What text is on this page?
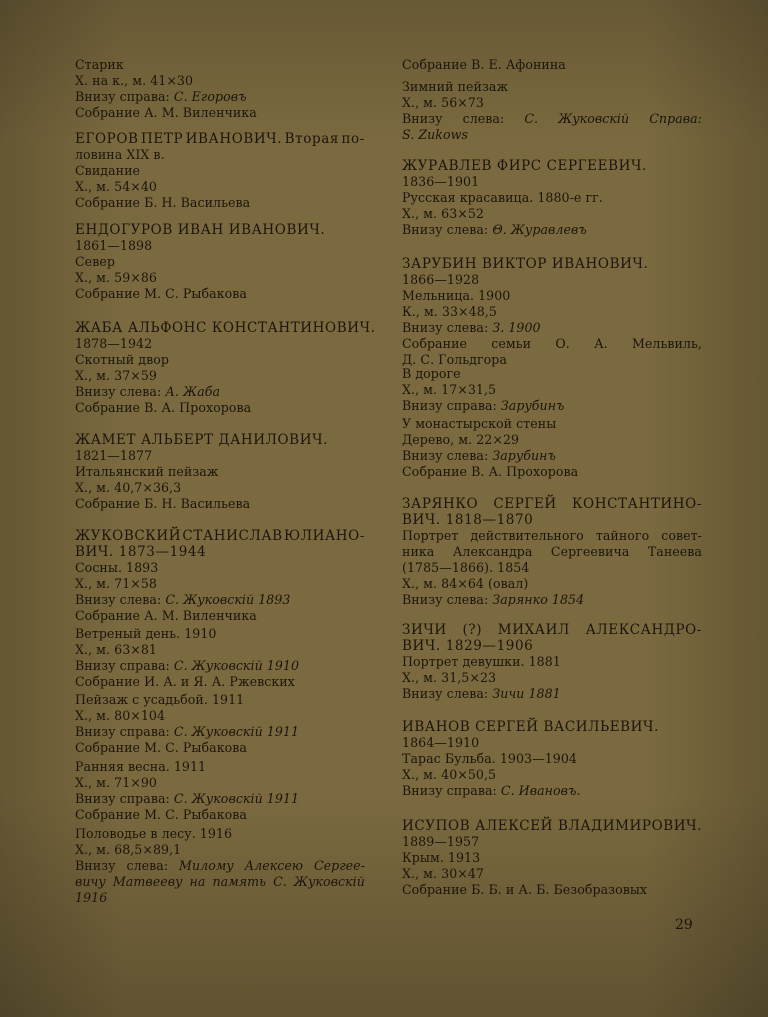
Старик
Х. на к., м. 41×30
Внизу справа: С. Егоровъ
Собрание А. М. Виленчика
ЕГОРОВ ПЕТР ИВАНОВИЧ. Вторая по-
ловина XIX в.
Свидание
Х., м. 54×40
Собрание Б. Н. Васильева
ЕНДОГУРОВ ИВАН ИВАНОВИЧ.
1861—1898
Север
Х., м. 59×86
Собрание М. С. Рыбакова
ЖАБА АЛЬФОНС КОНСТАНТИНОВИЧ.
1878—1942
Скотный двор
Х., м. 37×59
Внизу слева: А. Жаба
Собрание В. А. Прохорова
ЖАМЕТ АЛЬБЕРТ ДАНИЛОВИЧ.
1821—1877
Итальянский пейзаж
Х., м. 40,7×36,3
Собрание Б. Н. Васильева
ЖУКОВСКИЙ СТАНИСЛАВ ЮЛИАНО-
ВИЧ. 1873—1944
Сосны. 1893
Х., м. 71×58
Внизу слева: С. Жуковскiй 1893
Собрание А. М. Виленчика
Ветреный день. 1910
Х., м. 63×81
Внизу справа: С. Жуковскiй 1910
Собрание И. А. и Я. А. Ржевских
Пейзаж с усадьбой. 1911
Х., м. 80×104
Внизу справа: С. Жуковскiй 1911
Собрание М. С. Рыбакова
Ранняя весна. 1911
Х., м. 71×90
Внизу справа: С. Жуковскiй 1911
Собрание М. С. Рыбакова
Половодье в лесу. 1916
Х., м. 68,5×89,1
Внизу слева: Милому Алексею Сергее-
вичу Матвееву на память С. Жуковскiй
1916
Собрание В. Е. Афонина
Зимний пейзаж
Х., м. 56×73
Внизу слева: С. Жуковскiй Справа:
S. Zukows
ЖУРАВЛЕВ ФИРС СЕРГЕЕВИЧ.
1836—1901
Русская красавица. 1880-е гг.
Х., м. 63×52
Внизу слева: Θ. Журавлевъ
ЗАРУБИН ВИКТОР ИВАНОВИЧ.
1866—1928
Мельница. 1900
К., м. 33×48,5
Внизу слева: З. 1900
Собрание семьи О. А. Мельвиль,
Д. С. Гольдгора
В дороге
Х., м. 17×31,5
Внизу справа: Зарубинъ
У монастырской стены
Дерево, м. 22×29
Внизу слева: Зарубинъ
Собрание В. А. Прохорова
ЗАРЯНКО СЕРГЕЙ КОНСТАНТИНО-
ВИЧ. 1818—1870
Портрет действительного тайного совет-
ника Александра Сергеевича Танеева
(1785—1866). 1854
Х., м. 84×64 (овал)
Внизу слева: Зарянко 1854
ЗИЧИ (?) МИХАИЛ АЛЕКСАНДРО-
ВИЧ. 1829—1906
Портрет девушки. 1881
Х., м. 31,5×23
Внизу слева: Зичи 1881
ИВАНОВ СЕРГЕЙ ВАСИЛЬЕВИЧ.
1864—1910
Тарас Бульба. 1903—1904
Х., м. 40×50,5
Внизу справа: С. Ивановъ.
ИСУПОВ АЛЕКСЕЙ ВЛАДИМИРОВИЧ.
1889—1957
Крым. 1913
Х., м. 30×47
Собрание Б. Б. и А. Б. Безобразовых
29
